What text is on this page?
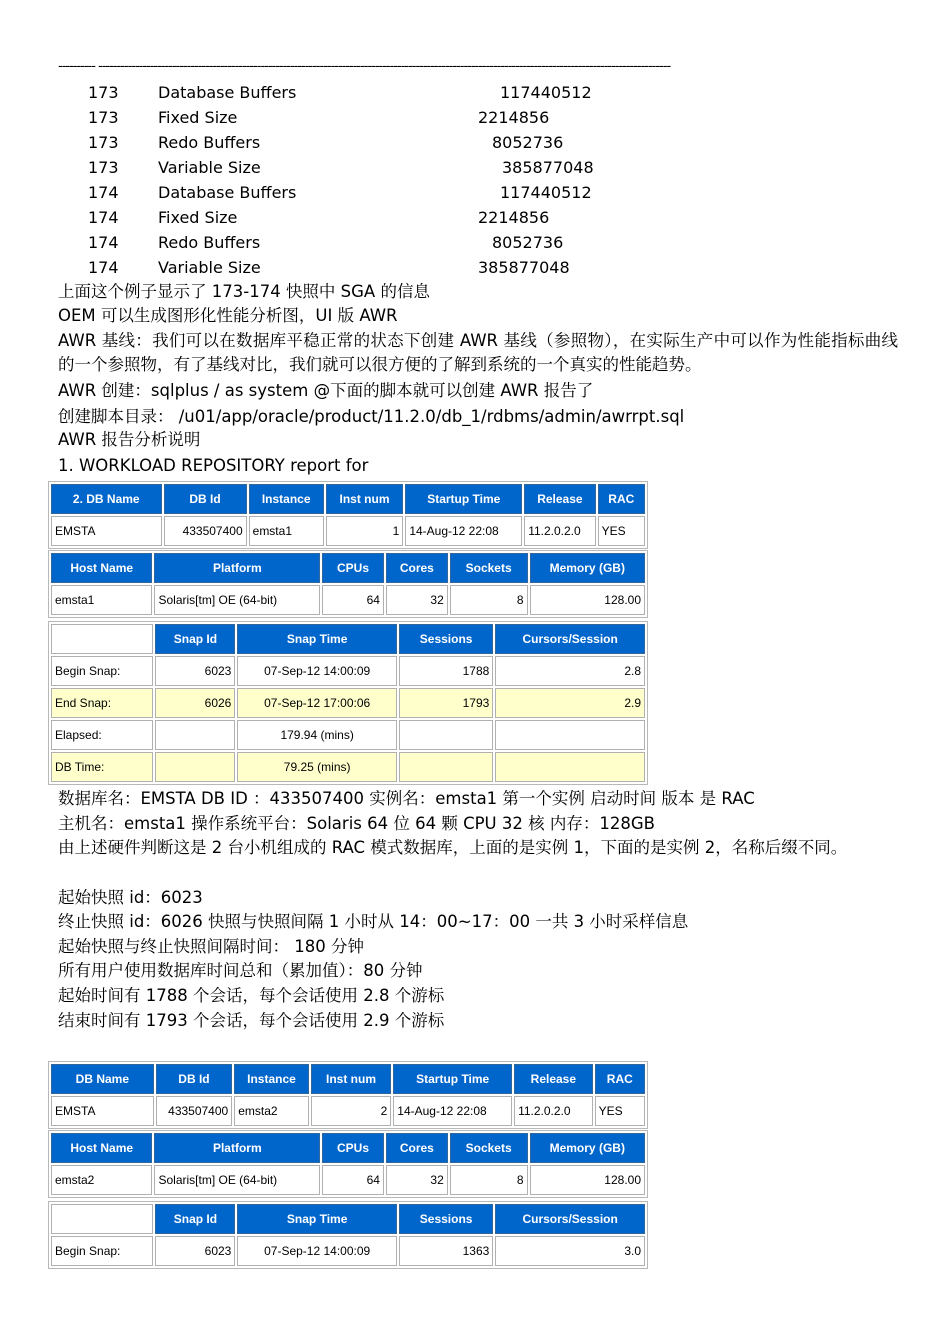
---------- -----------------------------------------------------------------------------------------------------------------------------------------------------------
173 Database Buffers	117440512
173 Fixed Size	2214856
173 Redo Buffers	8052736
173 Variable Size	385877048
174 Database Buffers	117440512
174 Fixed Size	2214856
174 Redo Buffers	8052736
174 Variable Size	385877048
上面这个例子显示了 173-174 快照中 SGA 的信息
OEM 可以生成图形化性能分析图，UI 版 AWR
AWR 基线：我们可以在数据库平稳正常的状态下创建 AWR 基线（参照物），在实际生产中可以作为性能指标曲线的一个参照物，有了基线对比，我们就可以很方便的了解到系统的一个真实的性能趋势。
AWR 创建：sqlplus / as system @下面的脚本就可以创建 AWR 报告了
创建脚本目录： /u01/app/oracle/product/11.2.0/db_1/rdbms/admin/awrrpt.sql
AWR 报告分析说明
1. WORKLOAD REPOSITORY report for
2. DB Name	DB Id	Instance	Inst num	Startup Time	Release	RAC
EMSTA	433507400	emsta1	1	14-Aug-12 22:08	11.2.0.2.0	YES
Host Name	Platform	CPUs	Cores	Sockets	Memory (GB)
emsta1	Solaris[tm] OE (64-bit)	64	32	8	128.00
	Snap Id	Snap Time	Sessions	Cursors/Session
Begin Snap:	6023	07-Sep-12 14:00:09	1788	2.8
End Snap:	6026	07-Sep-12 17:00:06	1793	2.9
Elapsed:		179.94 (mins)		
DB Time:		79.25 (mins)		
数据库名：EMSTA DB ID ：433507400 实例名：emsta1 第一个实例 启动时间 版本 是 RAC
主机名：emsta1 操作系统平台：Solaris 64 位 64 颗 CPU 32 核 内存：128GB
由上述硬件判断这是 2 台小机组成的 RAC 模式数据库，上面的是实例 1，下面的是实例 2，名称后缀不同。
起始快照 id：6023
终止快照 id：6026 快照与快照间隔 1 小时从 14：00~17：00 一共 3 小时采样信息
起始快照与终止快照间隔时间： 180 分钟
所有用户使用数据库时间总和（累加值）：80 分钟
起始时间有 1788 个会话，每个会话使用 2.8 个游标
结束时间有 1793 个会话，每个会话使用 2.9 个游标
DB Name	DB Id	Instance	Inst num	Startup Time	Release	RAC
EMSTA	433507400	emsta2	2	14-Aug-12 22:08	11.2.0.2.0	YES
Host Name	Platform	CPUs	Cores	Sockets	Memory (GB)
emsta2	Solaris[tm] OE (64-bit)	64	32	8	128.00
	Snap Id	Snap Time	Sessions	Cursors/Session
Begin Snap:	6023	07-Sep-12 14:00:09	1363	3.0
